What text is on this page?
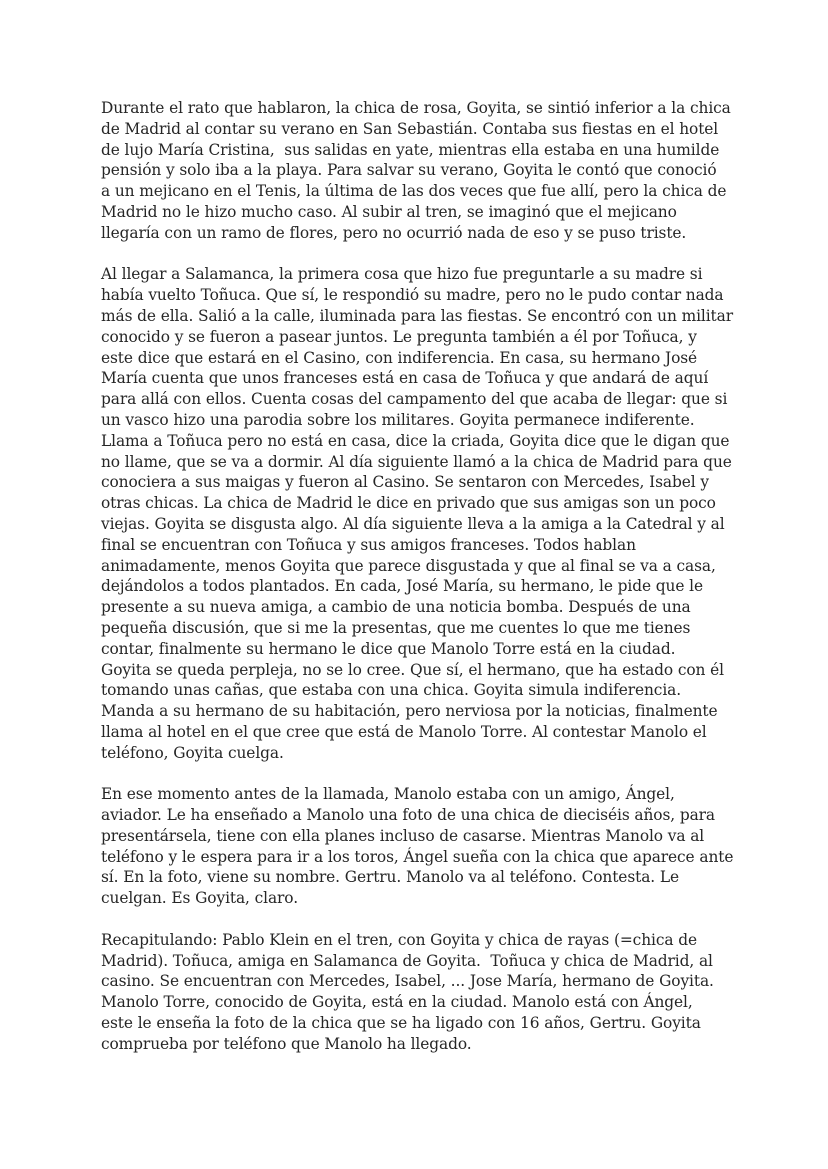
Durante el rato que hablaron, la chica de rosa, Goyita, se sintió inferior a la chica
de Madrid al contar su verano en San Sebastián. Contaba sus fiestas en el hotel
de lujo María Cristina,  sus salidas en yate, mientras ella estaba en una humilde
pensión y solo iba a la playa. Para salvar su verano, Goyita le contó que conoció
a un mejicano en el Tenis, la última de las dos veces que fue allí, pero la chica de
Madrid no le hizo mucho caso. Al subir al tren, se imaginó que el mejicano
llegaría con un ramo de flores, pero no ocurrió nada de eso y se puso triste.

Al llegar a Salamanca, la primera cosa que hizo fue preguntarle a su madre si
había vuelto Toñuca. Que sí, le respondió su madre, pero no le pudo contar nada
más de ella. Salió a la calle, iluminada para las fiestas. Se encontró con un militar
conocido y se fueron a pasear juntos. Le pregunta también a él por Toñuca, y
este dice que estará en el Casino, con indiferencia. En casa, su hermano José
María cuenta que unos franceses está en casa de Toñuca y que andará de aquí
para allá con ellos. Cuenta cosas del campamento del que acaba de llegar: que si
un vasco hizo una parodia sobre los militares. Goyita permanece indiferente.
Llama a Toñuca pero no está en casa, dice la criada, Goyita dice que le digan que
no llame, que se va a dormir. Al día siguiente llamó a la chica de Madrid para que
conociera a sus maigas y fueron al Casino. Se sentaron con Mercedes, Isabel y
otras chicas. La chica de Madrid le dice en privado que sus amigas son un poco
viejas. Goyita se disgusta algo. Al día siguiente lleva a la amiga a la Catedral y al
final se encuentran con Toñuca y sus amigos franceses. Todos hablan
animadamente, menos Goyita que parece disgustada y que al final se va a casa,
dejándolos a todos plantados. En cada, José María, su hermano, le pide que le
presente a su nueva amiga, a cambio de una noticia bomba. Después de una
pequeña discusión, que si me la presentas, que me cuentes lo que me tienes
contar, finalmente su hermano le dice que Manolo Torre está en la ciudad.
Goyita se queda perpleja, no se lo cree. Que sí, el hermano, que ha estado con él
tomando unas cañas, que estaba con una chica. Goyita simula indiferencia.
Manda a su hermano de su habitación, pero nerviosa por la noticias, finalmente
llama al hotel en el que cree que está de Manolo Torre. Al contestar Manolo el
teléfono, Goyita cuelga.

En ese momento antes de la llamada, Manolo estaba con un amigo, Ángel,
aviador. Le ha enseñado a Manolo una foto de una chica de dieciséis años, para
presentársela, tiene con ella planes incluso de casarse. Mientras Manolo va al
teléfono y le espera para ir a los toros, Ángel sueña con la chica que aparece ante
sí. En la foto, viene su nombre. Gertru. Manolo va al teléfono. Contesta. Le
cuelgan. Es Goyita, claro.

Recapitulando: Pablo Klein en el tren, con Goyita y chica de rayas (=chica de
Madrid). Toñuca, amiga en Salamanca de Goyita.  Toñuca y chica de Madrid, al
casino. Se encuentran con Mercedes, Isabel, ... Jose María, hermano de Goyita.
Manolo Torre, conocido de Goyita, está en la ciudad. Manolo está con Ángel,
este le enseña la foto de la chica que se ha ligado con 16 años, Gertru. Goyita
comprueba por teléfono que Manolo ha llegado.
